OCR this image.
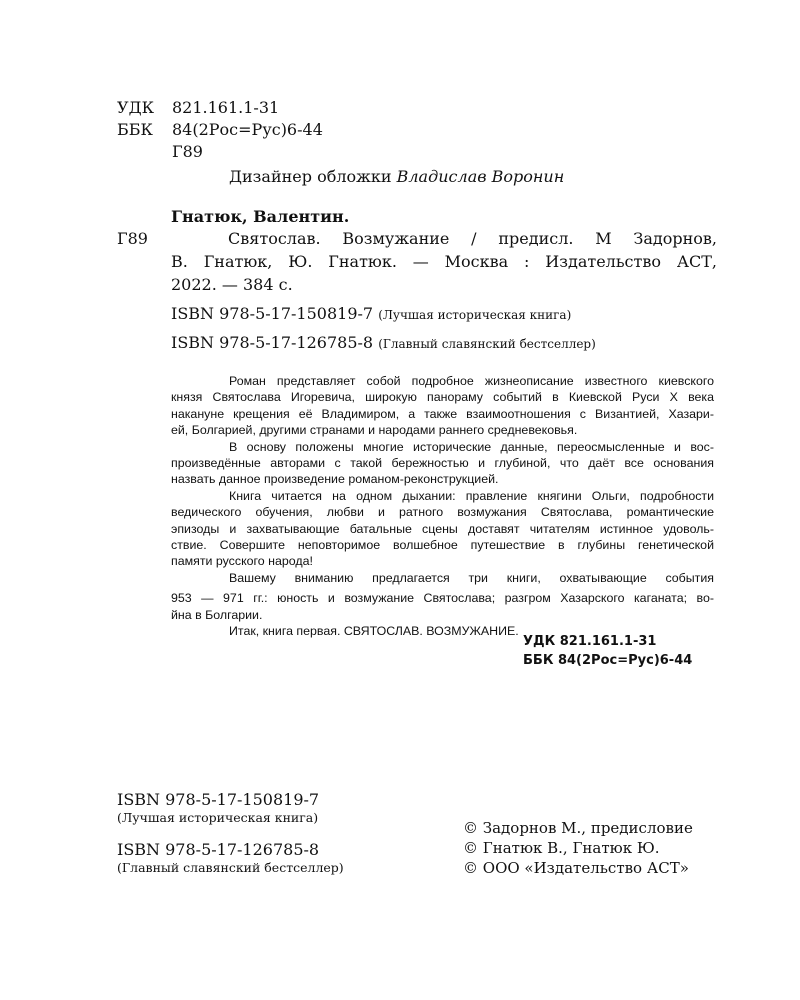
УДК 821.161.1-31
ББК 84(2Рос=Рус)6-44
Г89
Дизайнер обложки Владислав Воронин
Гнатюк, Валентин.
Г89	Святослав. Возмужание / предисл. М Задорнов,
В. Гнатюк, Ю. Гнатюк. — Москва : Издательство АСТ,
2022. — 384 с.
ISBN 978-5-17-150819-7 (Лучшая историческая книга)
ISBN 978-5-17-126785-8 (Главный славянский бестселлер)

Роман представляет собой подробное жизнеописание известного киевского
князя Святослава Игоревича, широкую панораму событий в Киевской Руси X века
накануне крещения её Владимиром, а также взаимоотношения с Византией, Хазари-
ей, Болгарией, другими странами и народами раннего средневековья.

В основу положены многие исторические данные, переосмысленные и вос-
произведённые авторами с такой бережностью и глубиной, что даёт все основания
назвать данное произведение романом-реконструкцией.

Книга читается на одном дыхании: правление княгини Ольги, подробности
ведического обучения, любви и ратного возмужания Святослава, романтические
эпизоды и захватывающие батальные сцены доставят читателям истинное удоволь-
ствие. Совершите неповторимое волшебное путешествие в глубины генетической
памяти русского народа!

Вашему вниманию предлагается три книги, охватывающие события
953 — 971 гг.: юность и возмужание Святослава; разгром Хазарского каганата; во-
йна в Болгарии.

Итак, книга первая. СВЯТОСЛАВ. ВОЗМУЖАНИЕ.

УДК 821.161.1-31
ББК 84(2Рос=Рус)6-44
ISBN 978-5-17-150819-7
(Лучшая историческая книга)
ISBN 978-5-17-126785-8
(Главный славянский бестселлер)
© Задорнов М., предисловие
© Гнатюк В., Гнатюк Ю.
© ООО «Издательство АСТ»
